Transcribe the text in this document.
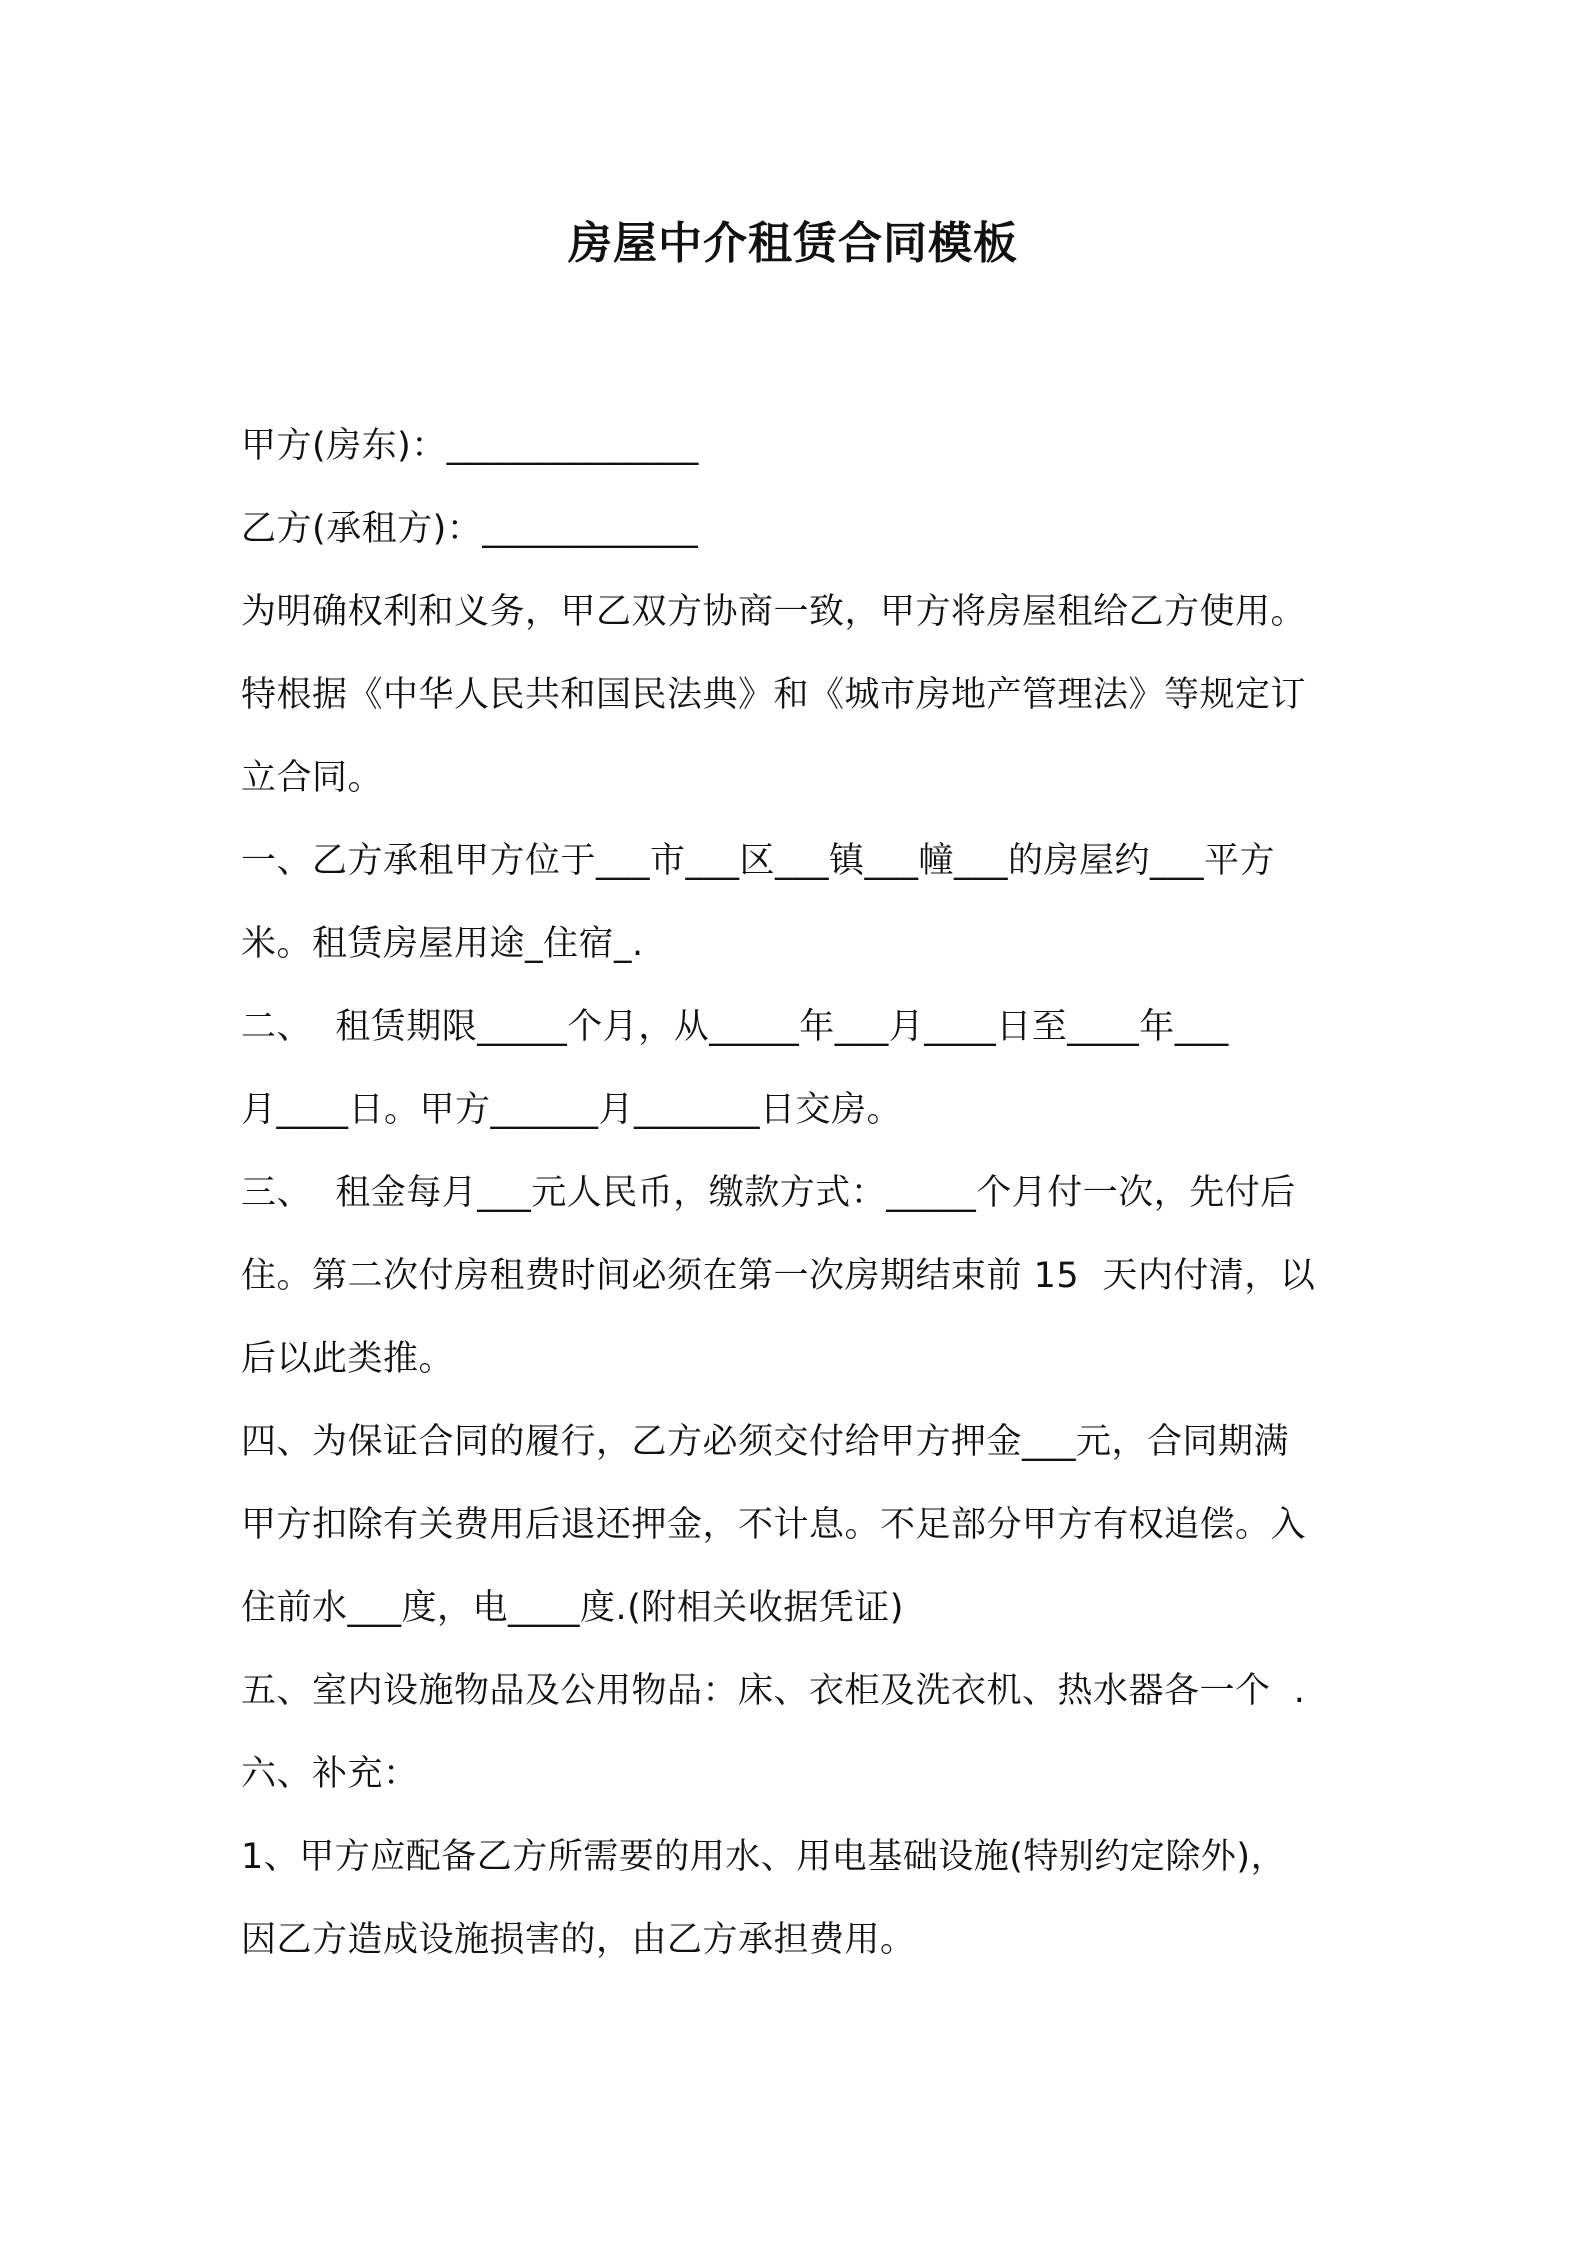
房屋中介租赁合同模板
甲方(房东)：______________
乙方(承租方)：____________
为明确权利和义务，甲乙双方协商一致，甲方将房屋租给乙方使用。
特根据《中华人民共和国民法典》和《城市房地产管理法》等规定订
立合同。
一、乙方承租甲方位于___市___区___镇___幢___的房屋约___平方
米。租赁房屋用途_住宿_.
二、  租赁期限_____个月，从_____年___月____日至____年___
月____日。甲方______月_______日交房。
三、  租金每月___元人民币，缴款方式：_____个月付一次，先付后
住。第二次付房租费时间必须在第一次房期结束前 15  天内付清，以
后以此类推。
四、为保证合同的履行，乙方必须交付给甲方押金___元，合同期满
甲方扣除有关费用后退还押金，不计息。不足部分甲方有权追偿。入
住前水___度，电____度.(附相关收据凭证)
五、室内设施物品及公用物品：床、衣柜及洗衣机、热水器各一个  .
六、补充：
1、甲方应配备乙方所需要的用水、用电基础设施(特别约定除外)，
因乙方造成设施损害的，由乙方承担费用。
